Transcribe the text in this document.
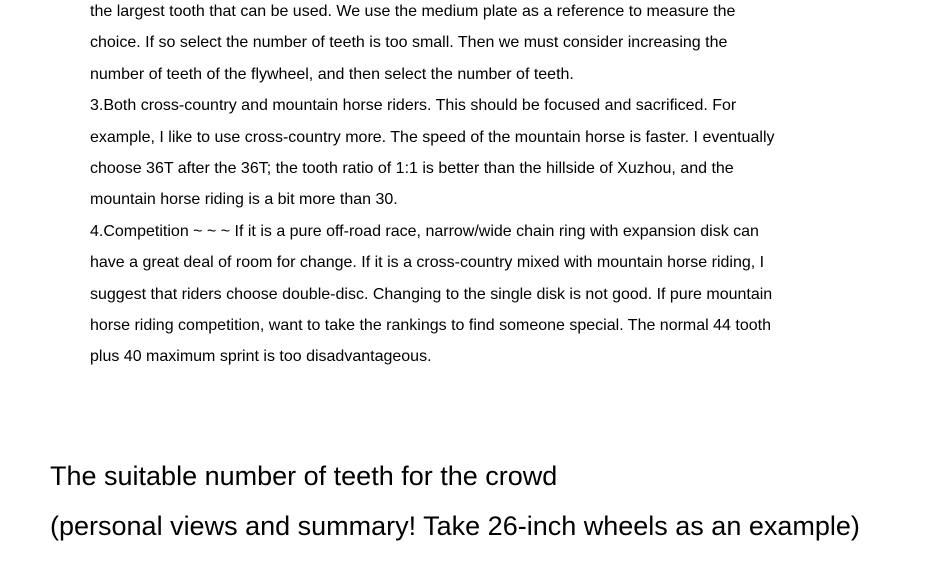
the largest tooth that can be used. We use the medium plate as a reference to measure the
choice. If so select the number of teeth is too small. Then we must consider increasing the
number of teeth of the flywheel, and then select the number of teeth.
3.Both cross-country and mountain horse riders. This should be focused and sacrificed. For
example, I like to use cross-country more. The speed of the mountain horse is faster. I eventually
choose 36T after the 36T; the tooth ratio of 1:1 is better than the hillside of Xuzhou, and the
mountain horse riding is a bit more than 30.
4.Competition ~ ~ ~ If it is a pure off-road race, narrow/wide chain ring with expansion disk can
have a great deal of room for change. If it is a cross-country mixed with mountain horse riding, I
suggest that riders choose double-disc. Changing to the single disk is not good. If pure mountain
horse riding competition, want to take the rankings to find someone special. The normal 44 tooth
plus 40 maximum sprint is too disadvantageous.
The suitable number of teeth for the crowd
(personal views and summary! Take 26-inch wheels as an example)
